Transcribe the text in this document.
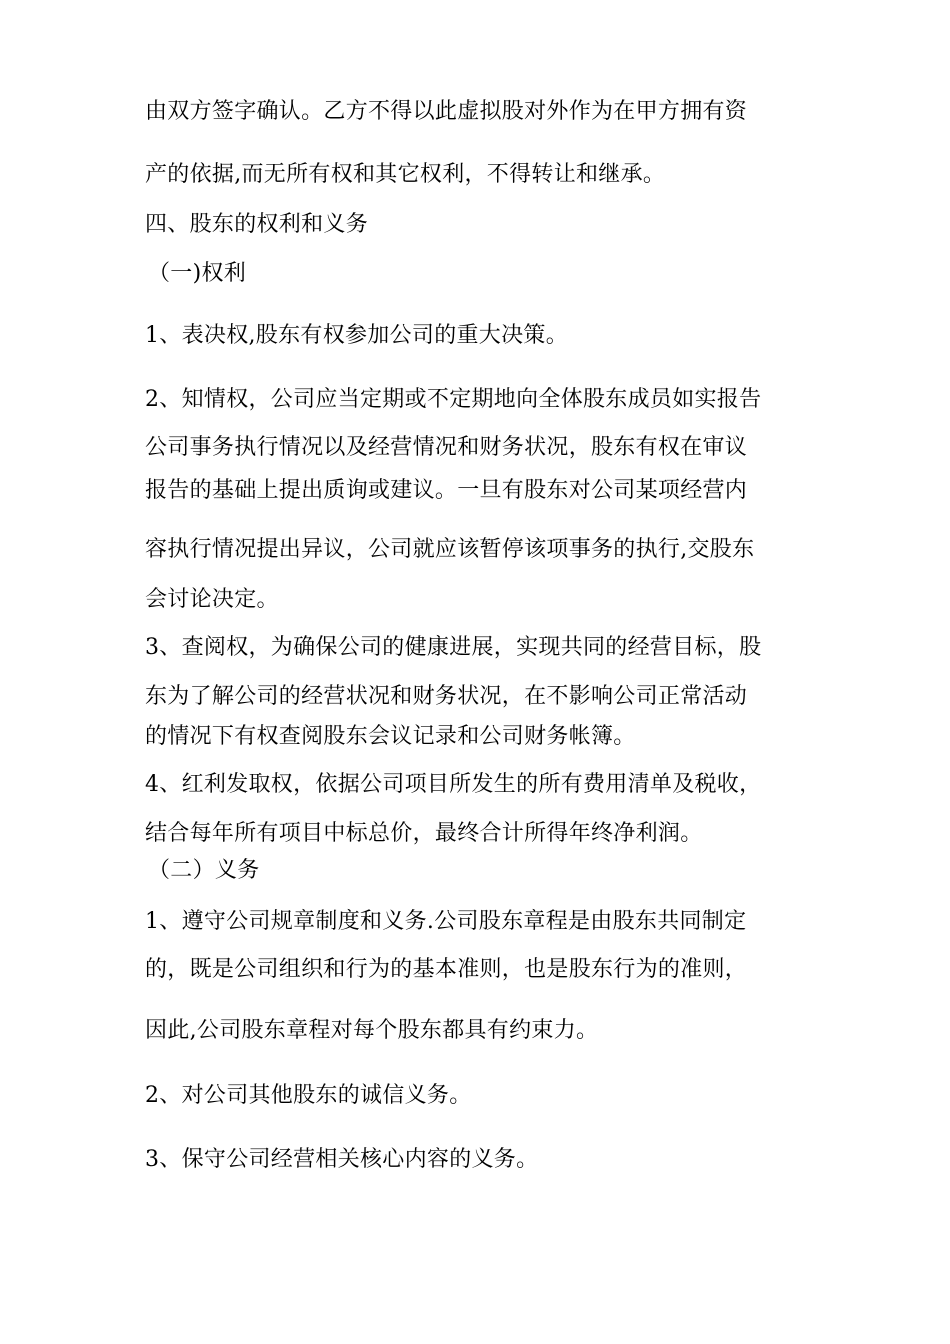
由双方签字确认。乙方不得以此虚拟股对外作为在甲方拥有资
产的依据,而无所有权和其它权利，不得转让和继承。
四、股东的权利和义务
（一)权利
1、表决权,股东有权参加公司的重大决策。
2、知情权，公司应当定期或不定期地向全体股东成员如实报告
公司事务执行情况以及经营情况和财务状况，股东有权在审议
报告的基础上提出质询或建议。一旦有股东对公司某项经营内
容执行情况提出异议，公司就应该暂停该项事务的执行,交股东
会讨论决定。
3、查阅权，为确保公司的健康进展，实现共同的经营目标，股
东为了解公司的经营状况和财务状况，在不影响公司正常活动
的情况下有权查阅股东会议记录和公司财务帐簿。
4、红利发取权，依据公司项目所发生的所有费用清单及税收，
结合每年所有项目中标总价，最终合计所得年终净利润。
（二）义务
1、遵守公司规章制度和义务.公司股东章程是由股东共同制定
的，既是公司组织和行为的基本准则，也是股东行为的准则，
因此,公司股东章程对每个股东都具有约束力。
2、对公司其他股东的诚信义务。
3、保守公司经营相关核心内容的义务。
